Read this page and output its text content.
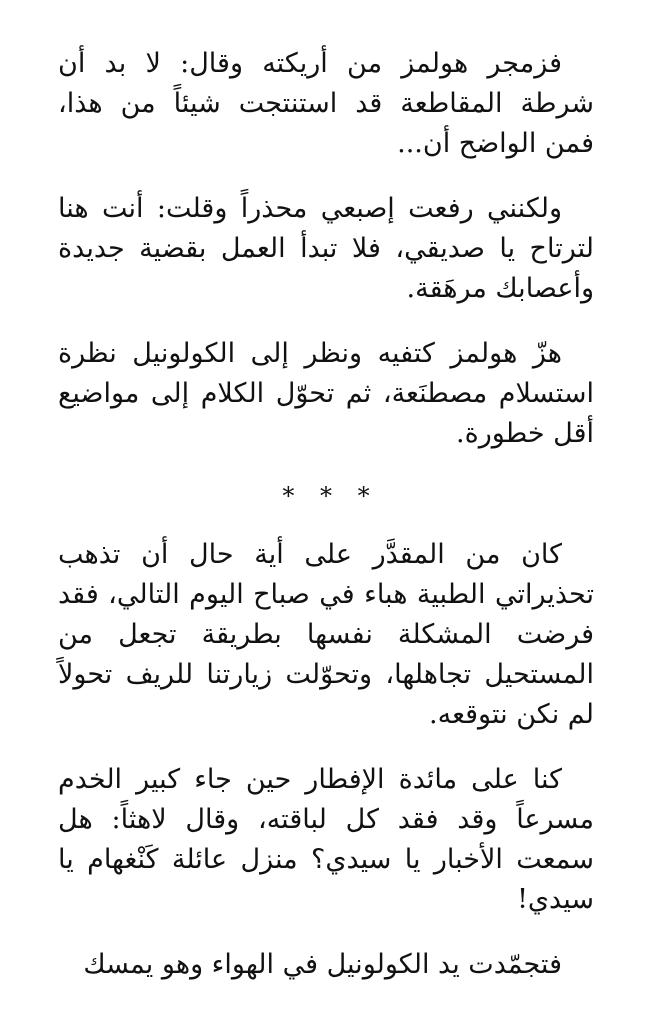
فزمجر هولمز من أريكته وقال: لا بد أن شرطة المقاطعة قد استنتجت شيئاً من هذا، فمن الواضح أن...

ولكنني رفعت إصبعي محذراً وقلت: أنت هنا لترتاح يا صديقي، فلا تبدأ العمل بقضية جديدة وأعصابك مرهَقة.

هزّ هولمز كتفيه ونظر إلى الكولونيل نظرة استسلام مصطنَعة، ثم تحوّل الكلام إلى مواضيع أقل خطورة.

* * *

كان من المقدَّر على أية حال أن تذهب تحذيراتي الطبية هباء في صباح اليوم التالي، فقد فرضت المشكلة نفسها بطريقة تجعل من المستحيل تجاهلها، وتحوّلت زيارتنا للريف تحولاً لم نكن نتوقعه.

كنا على مائدة الإفطار حين جاء كبير الخدم مسرعاً وقد فقد كل لباقته، وقال لاهثاً: هل سمعت الأخبار يا سيدي؟ منزل عائلة كَنْغهام يا سيدي!

فتجمّدت يد الكولونيل في الهواء وهو يمسك
